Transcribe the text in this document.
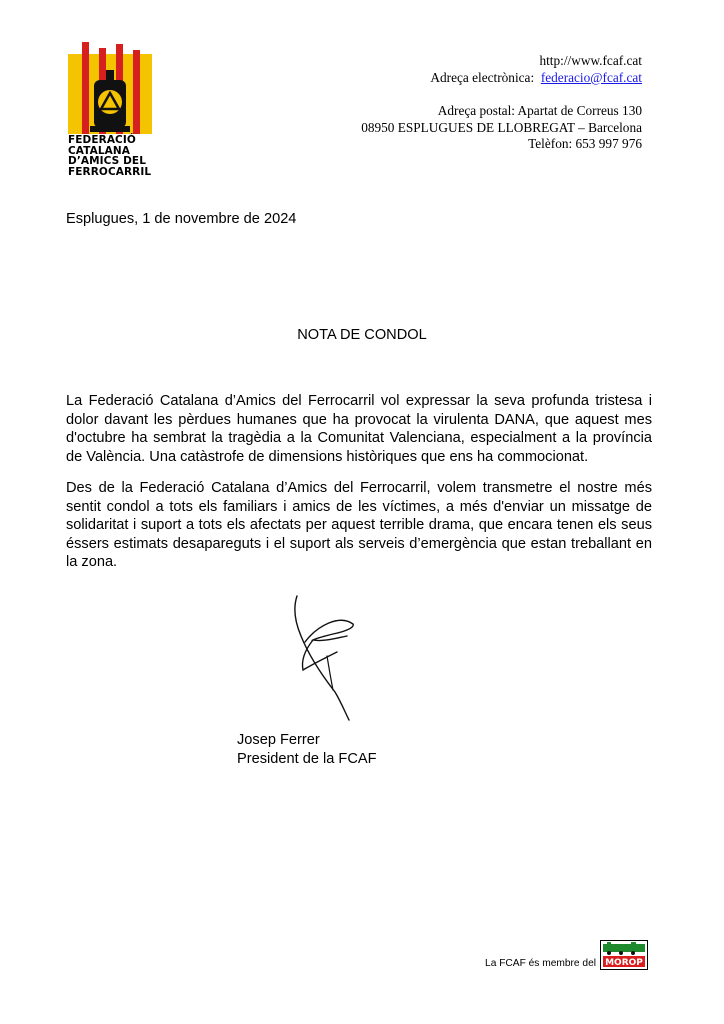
FEDERACIÓ
CATALANA
D’AMICS DEL
FERROCARRIL
http://www.fcaf.cat
Adreça electrònica: federacio@fcaf.cat
Adreça postal: Apartat de Correus 130
08950 ESPLUGUES DE LLOBREGAT – Barcelona
Telèfon: 653 997 976
Esplugues, 1 de novembre de 2024
NOTA DE CONDOL

La Federació Catalana d’Amics del Ferrocarril vol expressar la seva profunda tristesa i dolor davant les pèrdues humanes que ha provocat la virulenta DANA, que aquest mes d'octubre ha sembrat la tragèdia a la Comunitat Valenciana, especialment a la província de València. Una catàstrofe de dimensions històriques que ens ha commocionat.

Des de la Federació Catalana d’Amics del Ferrocarril, volem transmetre el nostre més sentit condol a tots els familiars i amics de les víctimes, a més d'enviar un missatge de solidaritat i suport a tots els afectats per aquest terrible drama, que encara tenen els seus éssers estimats desapareguts i el suport als serveis d’emergència que estan treballant en la zona.

Josep Ferrer
President de la FCAF
La FCAF és membre del MOROP
